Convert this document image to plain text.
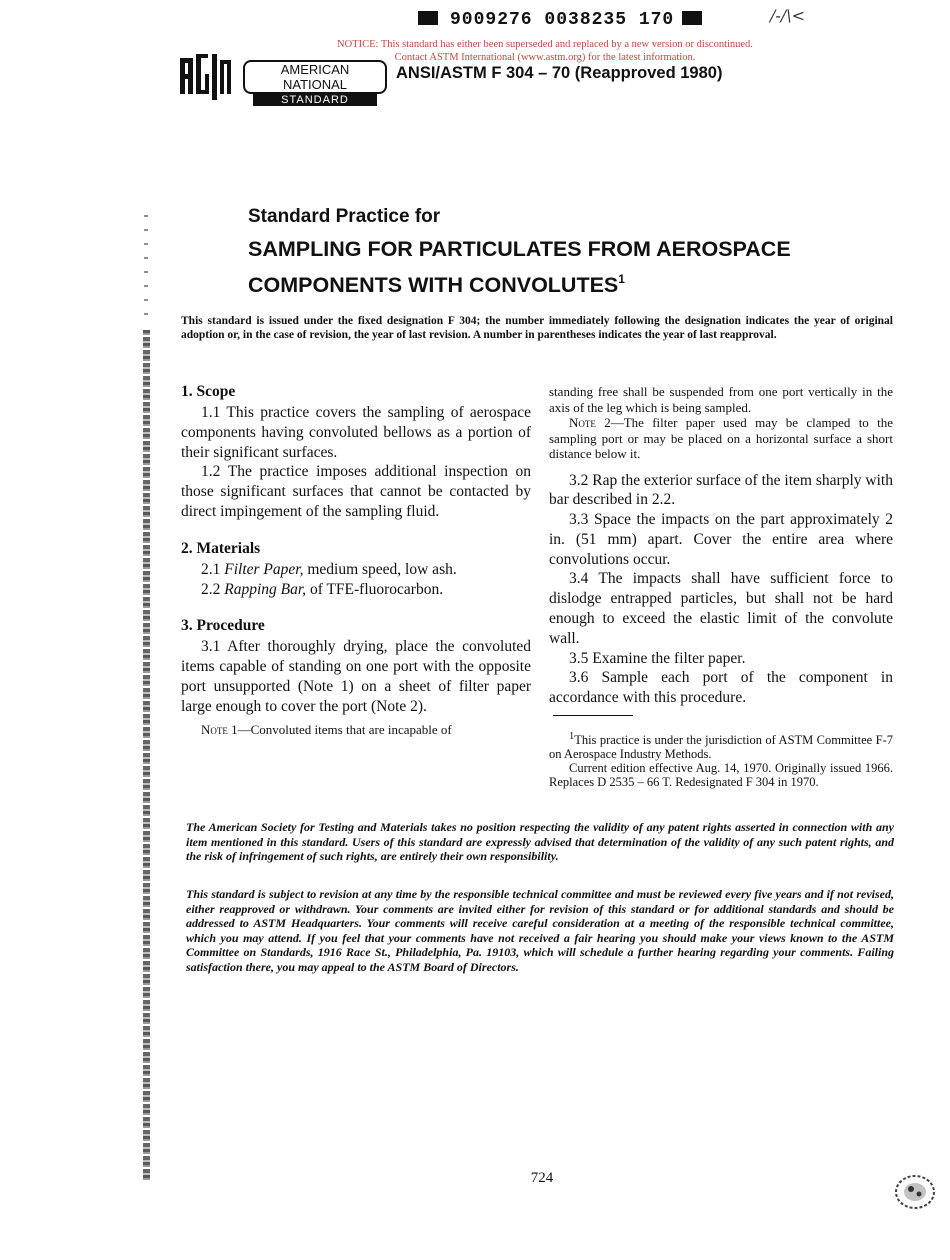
9009276 0038235 170	/-/\<
NOTICE: This standard has either been superseded and replaced by a new version or discontinued.
Contact ASTM International (www.astm.org) for the latest information.
AMERICAN NATIONAL
STANDARD
ANSI/ASTM F 304 – 70 (Reapproved 1980)
Standard Practice for
SAMPLING FOR PARTICULATES FROM AEROSPACE
COMPONENTS WITH CONVOLUTES$^1$
This standard is issued under the fixed designation F 304; the number immediately following the designation indicates the year of original adoption or, in the case of revision, the year of last revision. A number in parentheses indicates the year of last reapproval.
1. Scope

1.1 This practice covers the sampling of aerospace components having convoluted bellows as a portion of their significant surfaces.

1.2 The practice imposes additional inspection on those significant surfaces that cannot be contacted by direct impingement of the sampling fluid.

2. Materials

2.1 Filter Paper, medium speed, low ash.

2.2 Rapping Bar, of TFE-fluorocarbon.

3. Procedure

3.1 After thoroughly drying, place the convoluted items capable of standing on one port with the opposite port unsupported (Note 1) on a sheet of filter paper large enough to cover the port (Note 2).

Note 1—Convoluted items that are incapable of

standing free shall be suspended from one port vertically in the axis of the leg which is being sampled.

Note 2—The filter paper used may be clamped to the sampling port or may be placed on a horizontal surface a short distance below it.

3.2 Rap the exterior surface of the item sharply with bar described in 2.2.

3.3 Space the impacts on the part approximately 2 in. (51 mm) apart. Cover the entire area where convolutions occur.

3.4 The impacts shall have sufficient force to dislodge entrapped particles, but shall not be hard enough to exceed the elastic limit of the convolute wall.

3.5 Examine the filter paper.

3.6 Sample each port of the component in accordance with this procedure.

$^1$This practice is under the jurisdiction of ASTM Committee F-7 on Aerospace Industry Methods.

Current edition effective Aug. 14, 1970. Originally issued 1966. Replaces D 2535 – 66 T. Redesignated F 304 in 1970.

The American Society for Testing and Materials takes no position respecting the validity of any patent rights asserted in connection with any item mentioned in this standard. Users of this standard are expressly advised that determination of the validity of any such patent rights, and the risk of infringement of such rights, are entirely their own responsibility.
This standard is subject to revision at any time by the responsible technical committee and must be reviewed every five years and if not revised, either reapproved or withdrawn. Your comments are invited either for revision of this standard or for additional standards and should be addressed to ASTM Headquarters. Your comments will receive careful consideration at a meeting of the responsible technical committee, which you may attend. If you feel that your comments have not received a fair hearing you should make your views known to the ASTM Committee on Standards, 1916 Race St., Philadelphia, Pa. 19103, which will schedule a further hearing regarding your comments. Failing satisfaction there, you may appeal to the ASTM Board of Directors.
724
